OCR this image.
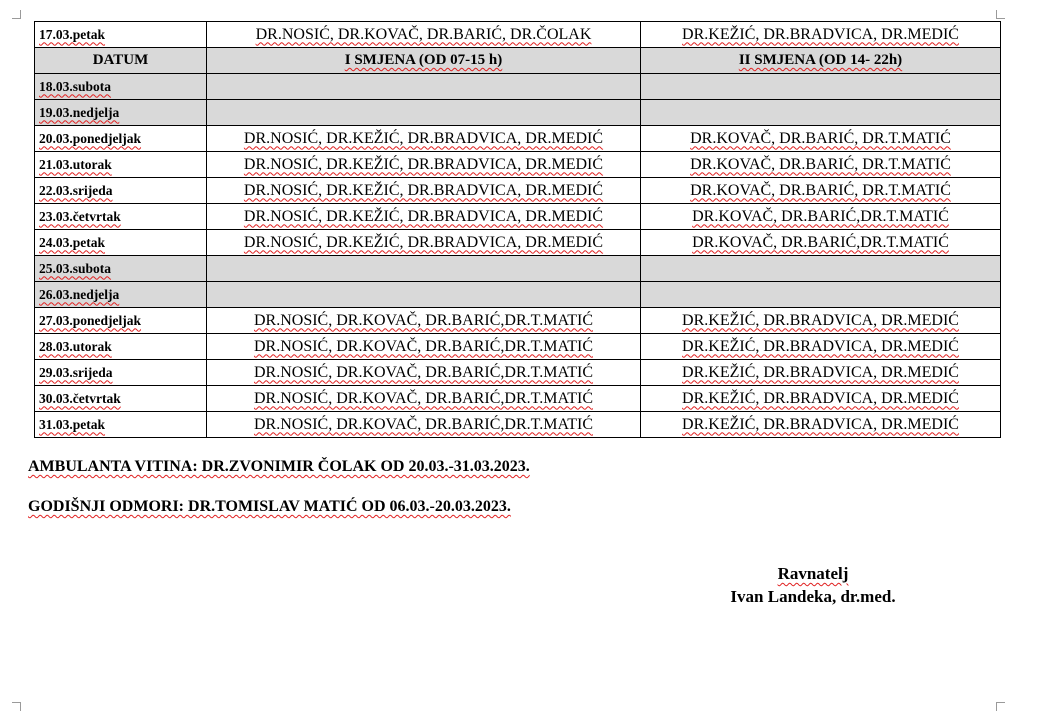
17.03.petak	DR.NOSIĆ, DR.KOVAČ, DR.BARIĆ, DR.ČOLAK	DR.KEŽIĆ, DR.BRADVICA, DR.MEDIĆ
DATUM	I SMJENA (OD 07-15 h)	II SMJENA (OD 14- 22h)
18.03.subota		
19.03.nedjelja		
20.03.ponedjeljak	DR.NOSIĆ, DR.KEŽIĆ, DR.BRADVICA, DR.MEDIĆ	DR.KOVAČ, DR.BARIĆ, DR.T.MATIĆ
21.03.utorak	DR.NOSIĆ, DR.KEŽIĆ, DR.BRADVICA, DR.MEDIĆ	DR.KOVAČ, DR.BARIĆ, DR.T.MATIĆ
22.03.srijeda	DR.NOSIĆ, DR.KEŽIĆ, DR.BRADVICA, DR.MEDIĆ	DR.KOVAČ, DR.BARIĆ, DR.T.MATIĆ
23.03.četvrtak	DR.NOSIĆ, DR.KEŽIĆ, DR.BRADVICA, DR.MEDIĆ	DR.KOVAČ, DR.BARIĆ,DR.T.MATIĆ
24.03.petak	DR.NOSIĆ, DR.KEŽIĆ, DR.BRADVICA, DR.MEDIĆ	DR.KOVAČ, DR.BARIĆ,DR.T.MATIĆ
25.03.subota		
26.03.nedjelja		
27.03.ponedjeljak	DR.NOSIĆ, DR.KOVAČ, DR.BARIĆ,DR.T.MATIĆ	DR.KEŽIĆ, DR.BRADVICA, DR.MEDIĆ
28.03.utorak	DR.NOSIĆ, DR.KOVAČ, DR.BARIĆ,DR.T.MATIĆ	DR.KEŽIĆ, DR.BRADVICA, DR.MEDIĆ
29.03.srijeda	DR.NOSIĆ, DR.KOVAČ, DR.BARIĆ,DR.T.MATIĆ	DR.KEŽIĆ, DR.BRADVICA, DR.MEDIĆ
30.03.četvrtak	DR.NOSIĆ, DR.KOVAČ, DR.BARIĆ,DR.T.MATIĆ	DR.KEŽIĆ, DR.BRADVICA, DR.MEDIĆ
31.03.petak	DR.NOSIĆ, DR.KOVAČ, DR.BARIĆ,DR.T.MATIĆ	DR.KEŽIĆ, DR.BRADVICA, DR.MEDIĆ
AMBULANTA VITINA: DR.ZVONIMIR ČOLAK OD 20.03.-31.03.2023.
GODIŠNJI ODMORI: DR.TOMISLAV MATIĆ OD 06.03.-20.03.2023.
Ravnatelj
Ivan Landeka, dr.med.
